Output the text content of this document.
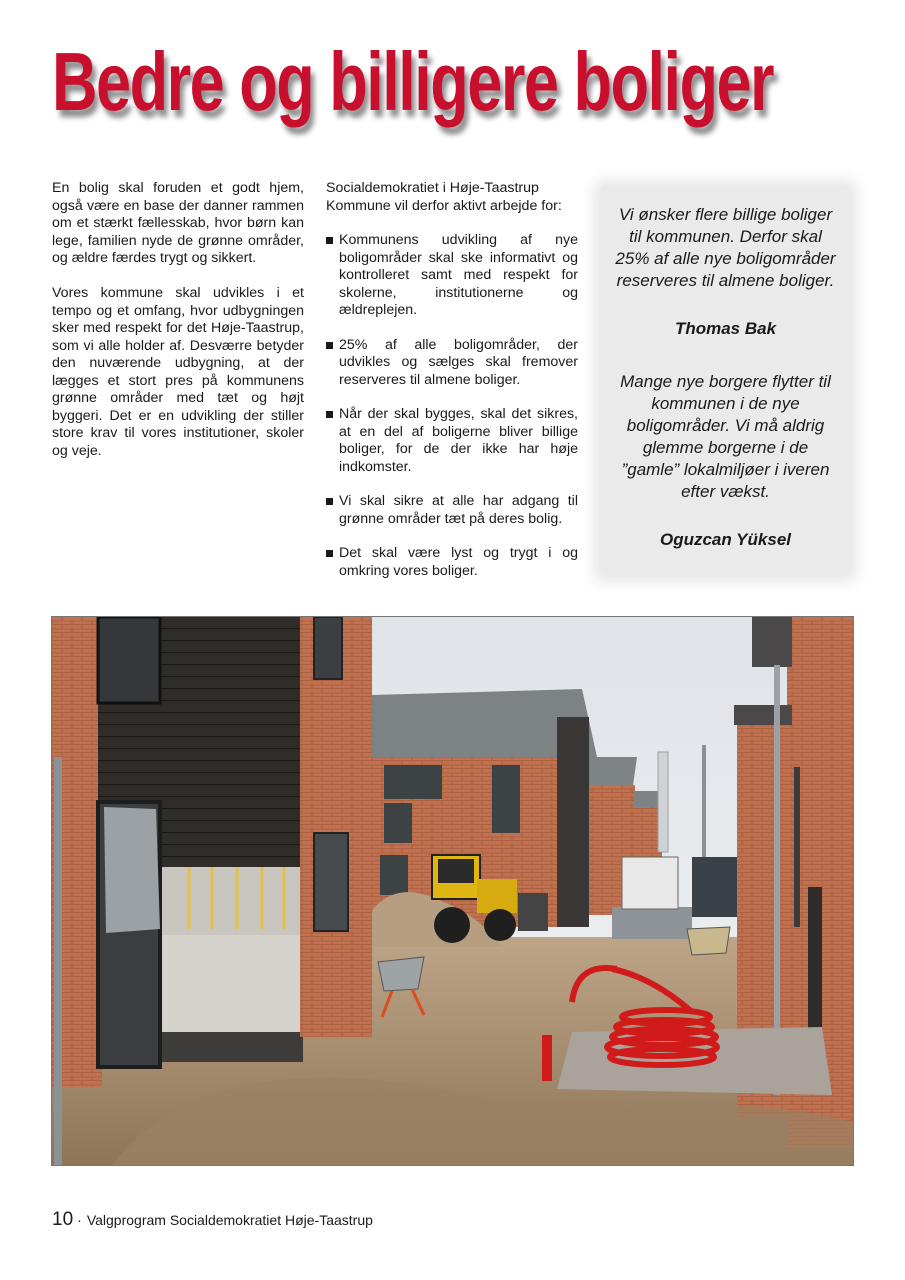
Bedre og billigere boliger

En bolig skal foruden et godt hjem, også være en base der danner rammen om et stærkt fællesskab, hvor børn kan lege, familien nyde de grønne områder, og ældre færdes trygt og sikkert.

Vores kommune skal udvikles i et tempo og et omfang, hvor udbygningen sker med respekt for det Høje-Taastrup, som vi alle holder af. Desværre betyder den nuværende udbygning, at der lægges et stort pres på kommunens grønne områder med tæt og højt byggeri. Det er en udvikling der stiller store krav til vores institutioner, skoler og veje.

Socialdemokratiet i Høje-Taastrup Kommune vil derfor aktivt arbejde for:

Kommunens udvikling af nye boligområder skal ske informativt og kontrolleret samt med respekt for skolerne, institutionerne og ældreplejen.
25% af alle boligområder, der udvikles og sælges skal fremover reserveres til almene boliger.
Når der skal bygges, skal det sikres, at en del af boligerne bliver billige boliger, for de der ikke har høje indkomster.
Vi skal sikre at alle har adgang til grønne områder tæt på deres bolig.
Det skal være lyst og trygt i og omkring vores boliger.
Vi ønsker flere billige boliger til kommunen. Derfor skal 25% af alle nye boligområder reserveres til almene boliger.
Thomas Bak
Mange nye borgere flytter til kommunen i de nye boligområder. Vi må aldrig glemme borgerne i de ”gamle” lokalmiljøer i iveren efter vækst.
Oguzcan Yüksel
10 · Valgprogram Socialdemokratiet Høje-Taastrup
